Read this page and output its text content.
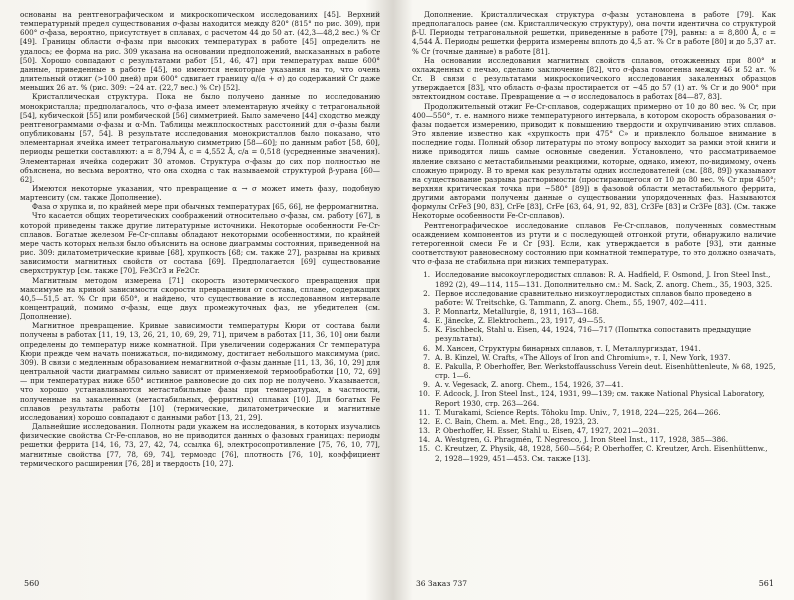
основаны на рентгенографическом и микроскопическом исследованиях [45]. Верхний температурный предел существования σ-фазы находится между 820° (815° по рис. 309), при 600° σ-фаза, вероятно, присутствует в сплавах, с расчетом 44 до 50 ат. (42,3—48,2 вес.) % Cr [49]. Границы области σ-фазы при высоких температурах в работе [45] определить не удалось; ее форма на рис. 309 указана на основании предположений, высказанных в работе [50]. Хорошо совпадают с результатами работ [51, 46, 47] при температурах выше 600° данные, приведенные в работе [45], но имеются некоторые указания на то, что очень длительный отжиг (>100 дней) при 600° сдвигает границу α/(α + σ) до содержаний Cr даже меньших 26 ат. % (рис. 309: ~24 ат. (22,7 вес.) % Cr) [52].

Кристаллическая структура. Пока не было получено данные по исследованию монокристалла; предполагалось, что σ-фаза имеет элементарную ячейку с тетрагональной [54], кубической [55] или ромбической [56] симметрией. Было замечено [44] сходство между рентгенограммами σ-фазы и α-Mn. Таблицы межплоскостных расстояний для σ-фазы были опубликованы [57, 54]. В результате исследования монокристаллов было показано, что элементарная ячейка имеет тетрагональную симметрию [58—60]; по данным работ [58, 60], периоды решетки составляют: a = 8,794 Å, c = 4,552 Å, c/a = 0,518 (усредненные значения). Элементарная ячейка содержит 30 атомов. Структура σ-фазы до сих пор полностью не объяснена, но весьма вероятно, что она сходна с так называемой структурой β-урана [60—62].

Имеются некоторые указания, что превращение α → σ может иметь фазу, подобную мартенситу (см. также Дополнение).

Фаза σ хрупка и, по крайней мере при обычных температурах [65, 66], не ферромагнитна.

Что касается общих теоретических соображений относительно σ-фазы, см. работу [67], в которой приведены также другие литературные источники. Некоторые особенности Fe-Cr-сплавов. Богатые железом Fe-Cr-сплавы обладают некоторыми особенностями, по крайней мере часть которых нельзя было объяснить на основе диаграммы состояния, приведенной на рис. 309: дилатометрические кривые [68], хрупкость [68; см. также 27], разрывы на кривых зависимости магнитных свойств от состава [69]. Предполагается [69] существование сверхструктур [см. также [70], Fe3Cr3 и Fe2Cr.

Магнитным методом измерена [71] скорость изотермического превращения при максимуме на кривой зависимости скорости превращения от состава, сплаве, содержащих 40,5—51,5 ат. % Cr при 650°, и найдено, что существование в исследованном интервале концентраций, помимо σ-фазы, еще двух промежуточных фаз, не убедителен (см. Дополнение).

Магнитное превращение. Кривые зависимости температуры Кюри от состава были получены в работах [11, 19, 13, 26, 21, 10, 69, 29, 71], причем в работах [11, 36, 10] они были определены до температур ниже комнатной. При увеличении содержания Cr температура Кюри прежде чем начать понижаться, по-видимому, достигает небольшого максимума (рис. 309). В связи с медленным образованием немагнитной σ-фазы данные [11, 13, 36, 10, 29] для центральной части диаграммы сильно зависят от применяемой термообработки [10, 72, 69] — при температурах ниже 650° истинное равновесие до сих пор не получено. Указывается, что хорошо устанавливаются метастабильные фазы при температурах, в частности, полученные на закаленных (метастабильных, ферритных) сплавах [10]. Для богатых Fe сплавов результаты работы [10] (термические, дилатометрические и магнитные исследования) хорошо совпадают с данными работ [13, 21, 29].

Дальнейшие исследования. Полноты ради укажем на исследования, в которых изучались физические свойства Cr-Fe-сплавов, но не приводится данных о фазовых границах: периоды решетки феррита [14, 16, 73, 27, 42, 74, ссылка 6], электросопротивление [75, 76, 10, 77], магнитные свойства [77, 78, 69, 74], термоэдс [76], плотность [76, 10], коэффициент термического расширения [76, 28] и твердость [10, 27].

560

Дополнение. Кристаллическая структура σ-фазы установлена в работе [79]. Как предполагалось ранее (см. Кристаллическую структуру), она почти идентична со структурой β-U. Периоды тетрагональной решетки, приведенные в работе [79], равны: a = 8,800 Å, c = 4,544 Å. Периоды решетки феррита измерены вплоть до 4,5 ат. % Cr в работе [80] и до 5,37 ат. % Cr (точные данные) в работе [81].

На основании исследования магнитных свойств сплавов, отожженных при 800° и охлажденных с печью, сделано заключение [82], что σ-фаза гомогенна между 46 и 52 ат. % Cr. В связи с результатами микроскопического исследования закаленных образцов утверждается [83], что область σ-фазы простирается от ~45 до 57 (1) ат. % Cr и до 900° при эвтектоидном составе. Превращение α → σ исследовалось в работах [84—87, 83].

Продолжительный отжиг Fe-Cr-сплавов, содержащих примерно от 10 до 80 вес. % Cr, при 400—550°, т. е. намного ниже температурного интервала, в котором скорость образования σ-фазы подается измерению, приводит к повышению твердости и охрупчиванию этих сплавов. Это явление известно как «хрупкость при 475° С» и привлекло большое внимание в последние годы. Полный обзор литературы по этому вопросу выходит за рамки этой книги и ниже приводятся лишь самые основные сведения. Установлено, что рассматриваемое явление связано с метастабильными реакциями, которые, однако, имеют, по-видимому, очень сложную природу. В то время как результаты одних исследователей (см. [88, 89]) указывают на существование разрыва растворимости (простирающегося от 10 до 80 вес. % Cr при 450°; верхняя критическая точка при ~580° [89]) в фазовой области метастабильного феррита, другими авторами получены данные о существовании упорядоченных фаз. Называются формулы CrFe3 [90, 83], CrFe [83], CrFe [63, 64, 91, 92, 83], Cr3Fe [83] и Cr3Fe [83]. (См. также Некоторые особенности Fe-Cr-сплавов).

Рентгенографическое исследование сплавов Fe-Cr-сплавов, полученных совместным осаждением компонентов из ртути и с последующей отгонкой ртути, обнаружило наличие гетерогенной смеси Fe и Cr [93]. Если, как утверждается в работе [93], эти данные соответствуют равновесному состоянию при комнатной температуре, то это должно означать, что σ-фаза не стабильна при низких температурах.

1. Исследование высокоуглеродистых сплавов: R. A. Hadfield, F. Osmond, J. Iron Steel Inst., 1892 (2), 49—114, 115—131. Дополнительно см.: M. Sack, Z. anorg. Chem., 35, 1903, 325.
2. Первое исследование сравнительно низкоуглеродистых сплавов было проведено в работе: W. Treitschke, G. Tammann, Z. anorg. Chem., 55, 1907, 402—411.
3. P. Monnartz, Metallurgie, 8, 1911, 163—168.
4. E. Jänecke, Z. Elektrochem., 23, 1917, 49—55.
5. K. Fischbeck, Stahl u. Eisen, 44, 1924, 716—717 (Попытка сопоставить предыдущие результаты).
6. М. Хансен, Структуры бинарных сплавов, т. I, Металлургиздат, 1941.
7. A. B. Kinzel, W. Crafts, «The Alloys of Iron and Chromium», т. I, New York, 1937.
8. E. Pakulla, P. Oberhoffer, Ber. Werkstoffausschuss Verein deut. Eisenhüttenleute, № 68, 1925, стр. 1—6.
9. A. v. Vegesack, Z. anorg. Chem., 154, 1926, 37—41.
10. F. Adcock, J. Iron Steel Inst., 124, 1931, 99—139; см. также National Physical Laboratory, Report 1930, стр. 263—264.
11. T. Murakami, Science Repts. Tôhoku Imp. Univ., 7, 1918, 224—225, 264—266.
12. E. C. Bain, Chem. a. Met. Eng., 28, 1923, 23.
13. P. Oberhoffer, H. Esser, Stahl u. Eisen, 47, 1927, 2021—2031.
14. A. Westgren, G. Phragmén, T. Negresco, J. Iron Steel Inst., 117, 1928, 385—386.
15. C. Kreutzer, Z. Physik, 48, 1928, 560—564; P. Oberhoffer, C. Kreutzer, Arch. Eisenhüttenw., 2, 1928—1929, 451—453. См. также [13].
36 Заказ 737	561
